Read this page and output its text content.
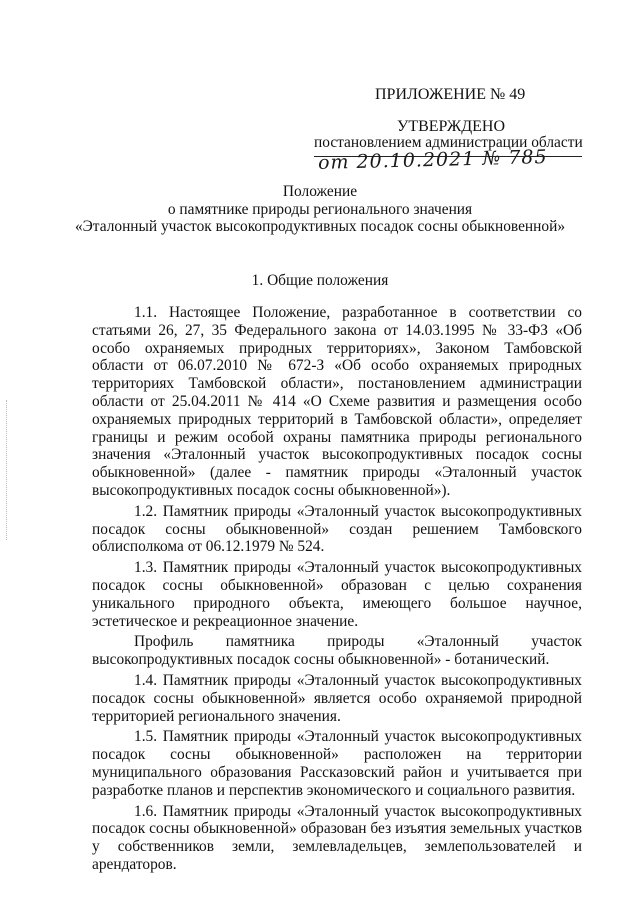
ПРИЛОЖЕНИЕ № 49
УТВЕРЖДЕНО
постановлением администрации области
от 20.10.2021 № 785
Положение
о памятнике природы регионального значения
«Эталонный участок высокопродуктивных посадок сосны обыкновенной»
1. Общие положения

1.1. Настоящее Положение, разработанное в соответствии со статьями 26, 27, 35 Федерального закона от 14.03.1995 № 33-ФЗ «Об особо охраняемых природных территориях», Законом Тамбовской области от 06.07.2010 № 672-З «Об особо охраняемых природных территориях Тамбовской области», постановлением администрации области от 25.04.2011 № 414 «О Схеме развития и размещения особо охраняемых природных территорий в Тамбовской области», определяет границы и режим особой охраны памятника природы регионального значения «Эталонный участок высокопродуктивных посадок сосны обыкновенной» (далее - памятник природы «Эталонный участок высокопродуктивных посадок сосны обыкновенной»).

1.2. Памятник природы «Эталонный участок высокопродуктивных посадок сосны обыкновенной» создан решением Тамбовского облисполкома от 06.12.1979 № 524.

1.3. Памятник природы «Эталонный участок высокопродуктивных посадок сосны обыкновенной» образован с целью сохранения уникального природного объекта, имеющего большое научное, эстетическое и рекреационное значение.

Профиль памятника природы «Эталонный участок высокопродуктивных посадок сосны обыкновенной» - ботанический.

1.4. Памятник природы «Эталонный участок высокопродуктивных посадок сосны обыкновенной» является особо охраняемой природной территорией регионального значения.

1.5. Памятник природы «Эталонный участок высокопродуктивных посадок сосны обыкновенной» расположен на территории муниципального образования Рассказовский район и учитывается при разработке планов и перспектив экономического и социального развития.

1.6. Памятник природы «Эталонный участок высокопродуктивных посадок сосны обыкновенной» образован без изъятия земельных участков у собственников земли, землевладельцев, землепользователей и арендаторов.
